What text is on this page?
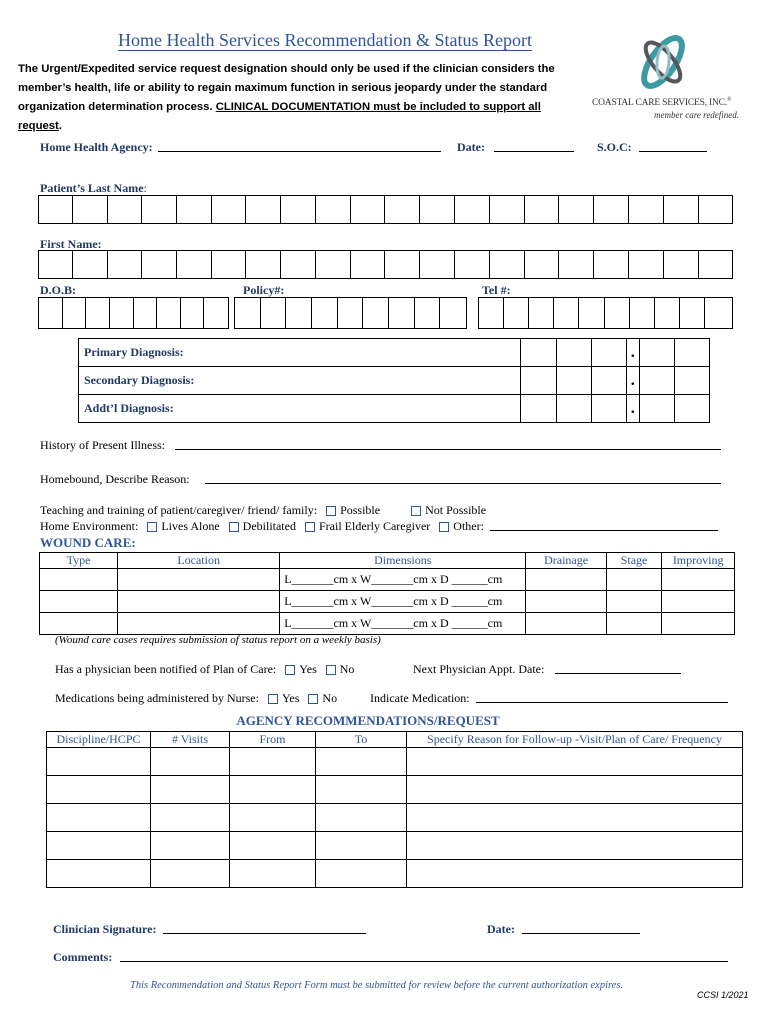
Home Health Services Recommendation & Status Report
The Urgent/Expedited service request designation should only be used if the clinician considers the
member’s health, life or ability to regain maximum function in serious jeopardy under the standard
organization determination process. CLINICAL DOCUMENTATION must be included to support all request.
COASTAL CARE SERVICES, INC.®
member care redefined.
Home Health Agency:	Date:	S.O.C:
Patient’s Last Name:
First Name:
D.O.B:	Policy#:	Tel #:
Primary Diagnosis:				.		
Secondary Diagnosis:				.		
Addt’l Diagnosis:				.		
History of Present Illness:
Homebound, Describe Reason:
Teaching and training of patient/caregiver/ friend/ family: Possible	Not Possible
Home Environment: Lives Alone Debilitated Frail Elderly Caregiver Other:
WOUND CARE:
Type	Location	Dimensions	Drainage	Stage	Improving
		L_______cm x W_______cm x D ______cm			
		L_______cm x W_______cm x D ______cm			
		L_______cm x W_______cm x D ______cm			
(Wound care cases requires submission of status report on a weekly basis)
Has a physician been notified of Plan of Care: Yes No	Next Physician Appt. Date:
Medications being administered by Nurse: Yes No	Indicate Medication:
AGENCY RECOMMENDATIONS/REQUEST
Discipline/HCPC	# Visits	From	To	Specify Reason for Follow-up -Visit/Plan of Care/ Frequency

Clinician Signature:	Date:
Comments:
This Recommendation and Status Report Form must be submitted for review before the current authorization expires.
CCSI 1/2021
